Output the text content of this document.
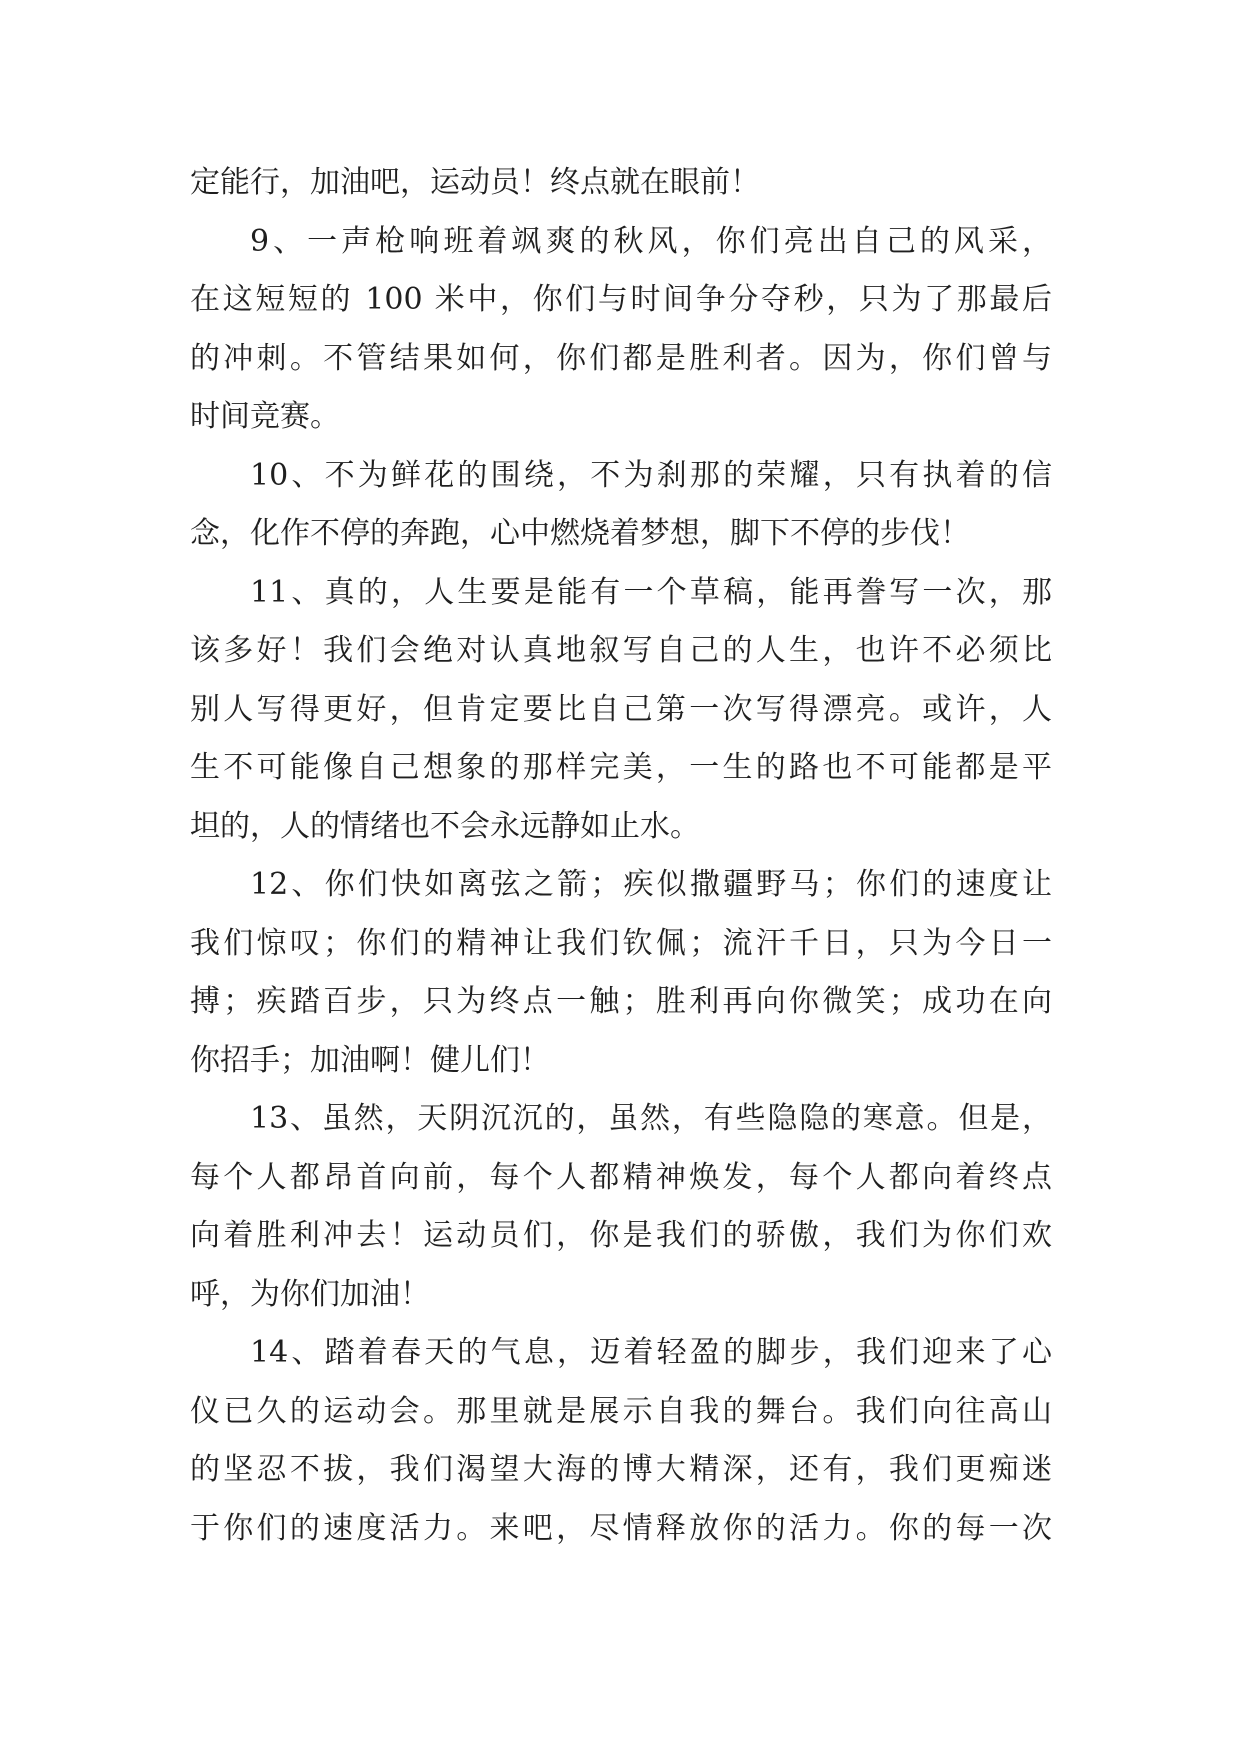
定能行，加油吧，运动员！终点就在眼前！
9、一声枪响班着飒爽的秋风，你们亮出自己的风采，
在这短短的 100 米中，你们与时间争分夺秒，只为了那最后
的冲刺。不管结果如何，你们都是胜利者。因为，你们曾与
时间竞赛。
10、不为鲜花的围绕，不为刹那的荣耀，只有执着的信
念，化作不停的奔跑，心中燃烧着梦想，脚下不停的步伐！
11、真的，人生要是能有一个草稿，能再誊写一次，那
该多好！我们会绝对认真地叙写自己的人生，也许不必须比
别人写得更好，但肯定要比自己第一次写得漂亮。或许，人
生不可能像自己想象的那样完美，一生的路也不可能都是平
坦的，人的情绪也不会永远静如止水。
12、你们快如离弦之箭；疾似撒疆野马；你们的速度让
我们惊叹；你们的精神让我们钦佩；流汗千日，只为今日一
搏；疾踏百步，只为终点一触；胜利再向你微笑；成功在向
你招手；加油啊！健儿们！
13、虽然，天阴沉沉的，虽然，有些隐隐的寒意。但是，
每个人都昂首向前，每个人都精神焕发，每个人都向着终点
向着胜利冲去！运动员们，你是我们的骄傲，我们为你们欢
呼，为你们加油！
14、踏着春天的气息，迈着轻盈的脚步，我们迎来了心
仪已久的运动会。那里就是展示自我的舞台。我们向往高山
的坚忍不拔，我们渴望大海的博大精深，还有，我们更痴迷
于你们的速度活力。来吧，尽情释放你的活力。你的每一次
